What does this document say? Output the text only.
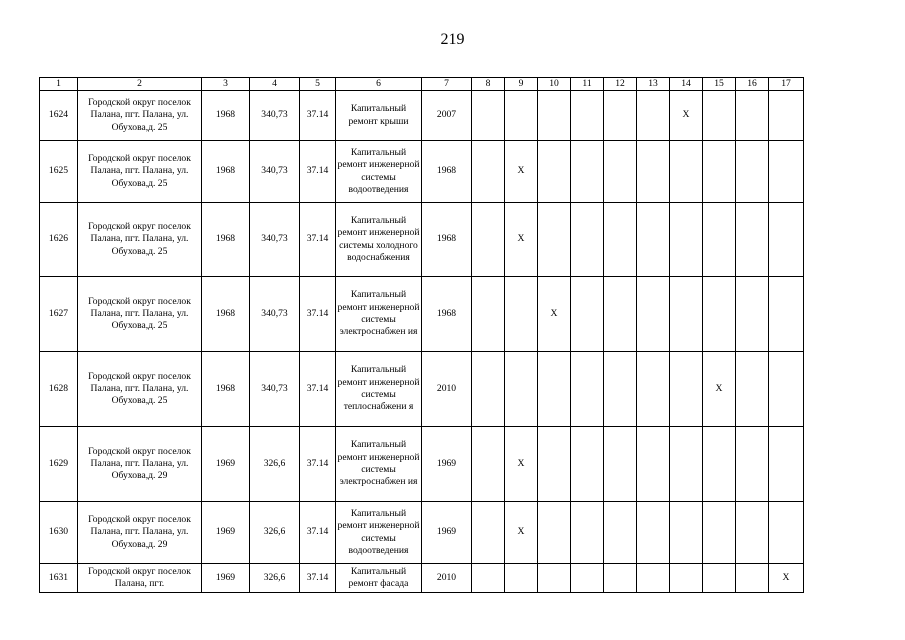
219
1	2	3	4	5	6	7	8	9	10	11	12	13	14	15	16	17
1624	Городской округ поселок Палана, пгт. Палана, ул. Обухова,д. 25	1968	340,73	37.14	Капитальный ремонт крыши	2007							X			
1625	Городской округ поселок Палана, пгт. Палана, ул. Обухова,д. 25	1968	340,73	37.14	Капитальный ремонт инженерной системы водоотведения	1968		X								
1626	Городской округ поселок Палана, пгт. Палана, ул. Обухова,д. 25	1968	340,73	37.14	Капитальный ремонт инженерной системы холодного водоснабжения	1968		X								
1627	Городской округ поселок Палана, пгт. Палана, ул. Обухова,д. 25	1968	340,73	37.14	Капитальный ремонт инженерной системы электроснабжен ия	1968			X							
1628	Городской округ поселок Палана, пгт. Палана, ул. Обухова,д. 25	1968	340,73	37.14	Капитальный ремонт инженерной системы теплоснабжени я	2010								X		
1629	Городской округ поселок Палана, пгт. Палана, ул. Обухова,д. 29	1969	326,6	37.14	Капитальный ремонт инженерной системы электроснабжен ия	1969		X								
1630	Городской округ поселок Палана, пгт. Палана, ул. Обухова,д. 29	1969	326,6	37.14	Капитальный ремонт инженерной системы водоотведения	1969		X								
1631	Городской округ поселок Палана, пгт.	1969	326,6	37.14	Капитальный ремонт фасада	2010										X
